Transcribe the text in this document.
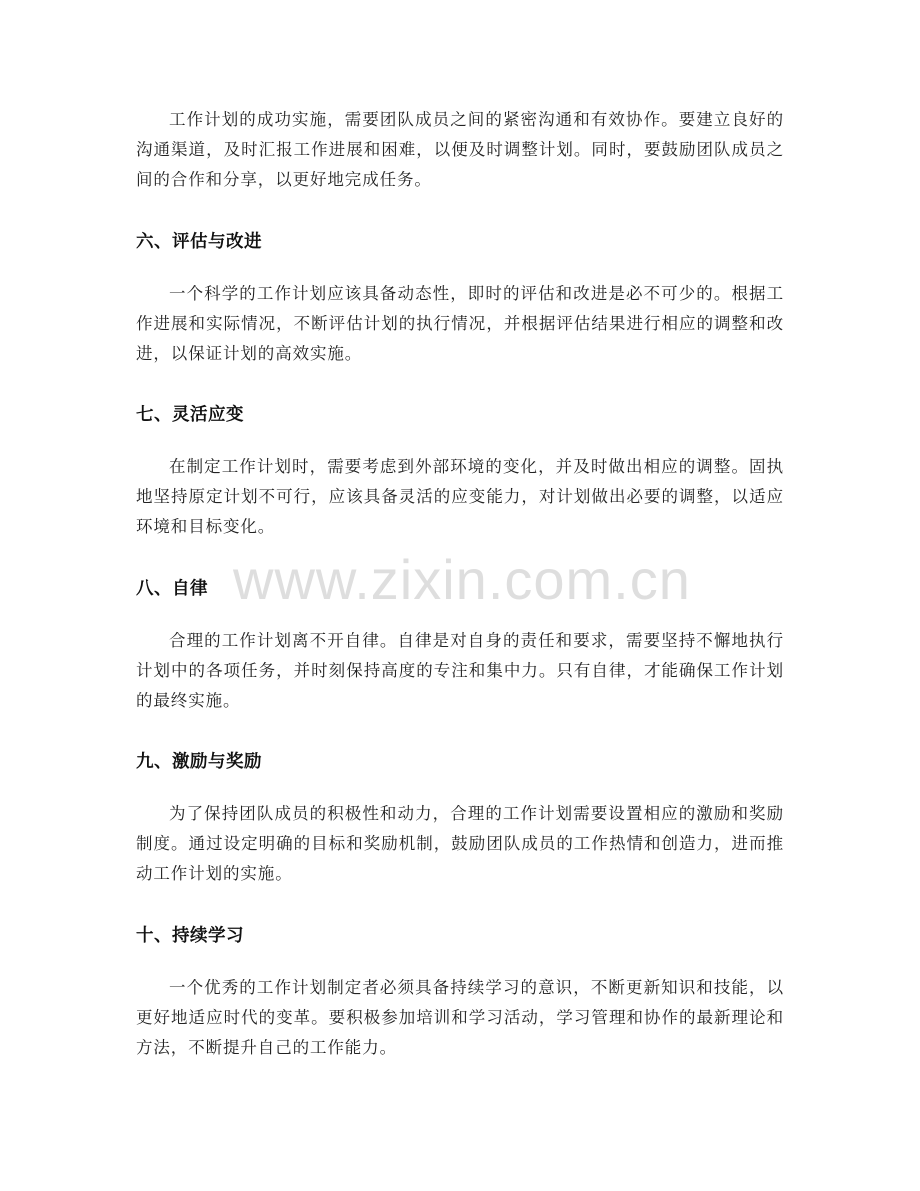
工作计划的成功实施，需要团队成员之间的紧密沟通和有效协作。要建立良好的沟通渠道，及时汇报工作进展和困难，以便及时调整计划。同时，要鼓励团队成员之间的合作和分享，以更好地完成任务。

六、评估与改进

一个科学的工作计划应该具备动态性，即时的评估和改进是必不可少的。根据工作进展和实际情况，不断评估计划的执行情况，并根据评估结果进行相应的调整和改进，以保证计划的高效实施。

七、灵活应变

在制定工作计划时，需要考虑到外部环境的变化，并及时做出相应的调整。固执地坚持原定计划不可行，应该具备灵活的应变能力，对计划做出必要的调整，以适应环境和目标变化。

八、自律

合理的工作计划离不开自律。自律是对自身的责任和要求，需要坚持不懈地执行计划中的各项任务，并时刻保持高度的专注和集中力。只有自律，才能确保工作计划的最终实施。

九、激励与奖励

为了保持团队成员的积极性和动力，合理的工作计划需要设置相应的激励和奖励制度。通过设定明确的目标和奖励机制，鼓励团队成员的工作热情和创造力，进而推动工作计划的实施。

十、持续学习

一个优秀的工作计划制定者必须具备持续学习的意识，不断更新知识和技能，以更好地适应时代的变革。要积极参加培训和学习活动，学习管理和协作的最新理论和方法，不断提升自己的工作能力。

www.zixin.com.cn
